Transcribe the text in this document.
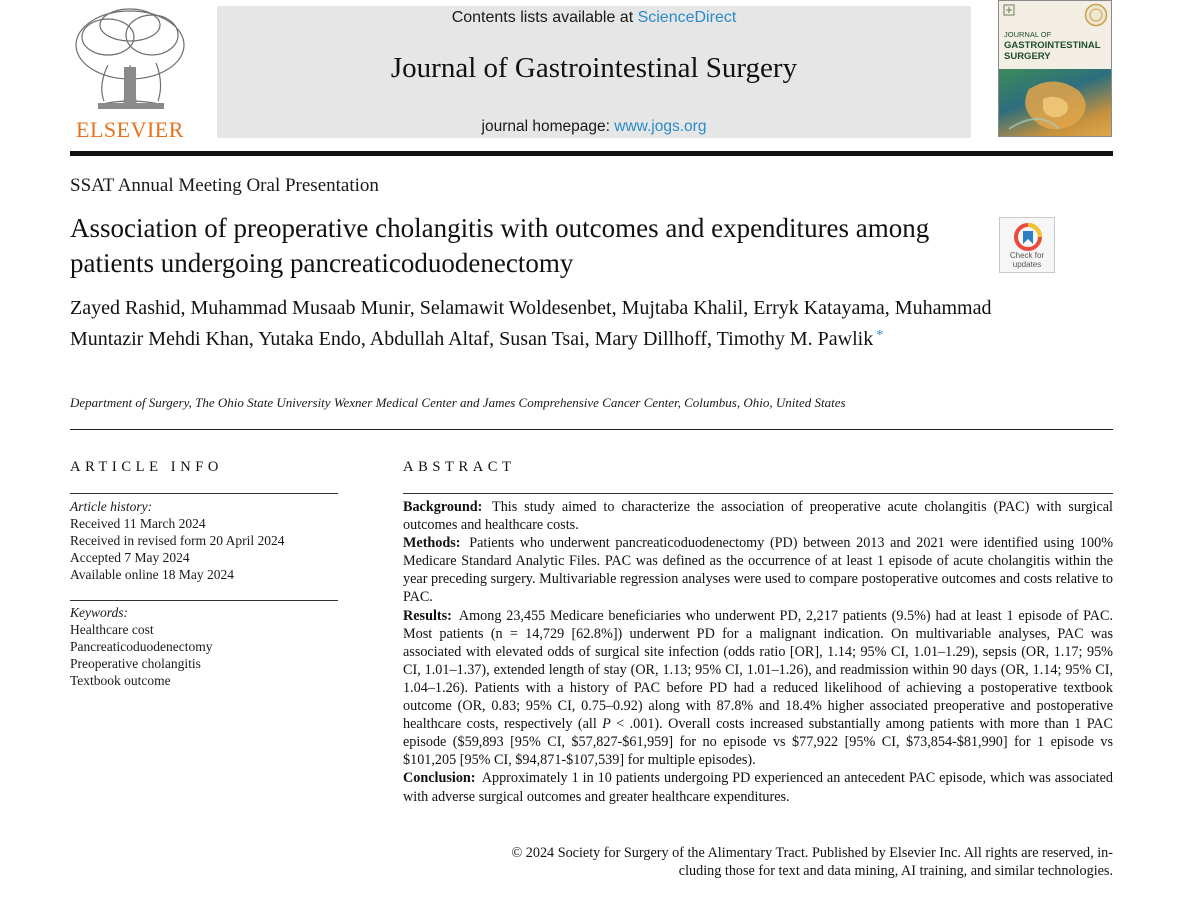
ELSEVIER
Contents lists available at ScienceDirect
Journal of Gastrointestinal Surgery
journal homepage: www.jogs.org
JOURNAL OF
GASTROINTESTINAL
SURGERY
SSAT Annual Meeting Oral Presentation
Association of preoperative cholangitis with outcomes and expenditures among patients undergoing pancreaticoduodenectomy	Check for updates
Zayed Rashid, Muhammad Musaab Munir, Selamawit Woldesenbet, Mujtaba Khalil, Erryk Katayama, Muhammad Muntazir Mehdi Khan, Yutaka Endo, Abdullah Altaf, Susan Tsai, Mary Dillhoff, Timothy M. Pawlik *
Department of Surgery, The Ohio State University Wexner Medical Center and James Comprehensive Cancer Center, Columbus, Ohio, United States
ARTICLE INFO
Article history:
Received 11 March 2024
Received in revised form 20 April 2024
Accepted 7 May 2024
Available online 18 May 2024
Keywords:
Healthcare cost
Pancreaticoduodenectomy
Preoperative cholangitis
Textbook outcome
ABSTRACT

Background: This study aimed to characterize the association of preoperative acute cholangitis (PAC) with surgical outcomes and healthcare costs.

Methods: Patients who underwent pancreaticoduodenectomy (PD) between 2013 and 2021 were identified using 100% Medicare Standard Analytic Files. PAC was defined as the occurrence of at least 1 episode of acute cholangitis within the year preceding surgery. Multivariable regression analyses were used to compare postoperative outcomes and costs relative to PAC.

Results: Among 23,455 Medicare beneficiaries who underwent PD, 2,217 patients (9.5%) had at least 1 episode of PAC. Most patients (n = 14,729 [62.8%]) underwent PD for a malignant indication. On multivariable analyses, PAC was associated with elevated odds of surgical site infection (odds ratio [OR], 1.14; 95% CI, 1.01–1.29), sepsis (OR, 1.17; 95% CI, 1.01–1.37), extended length of stay (OR, 1.13; 95% CI, 1.01–1.26), and readmission within 90 days (OR, 1.14; 95% CI, 1.04–1.26). Patients with a history of PAC before PD had a reduced likelihood of achieving a postoperative textbook outcome (OR, 0.83; 95% CI, 0.75–0.92) along with 87.8% and 18.4% higher associated preoperative and postoperative healthcare costs, respectively (all P < .001). Overall costs increased substantially among patients with more than 1 PAC episode ($59,893 [95% CI, $57,827-$61,959] for no episode vs $77,922 [95% CI, $73,854-$81,990] for 1 episode vs $101,205 [95% CI, $94,871-$107,539] for multiple episodes).

Conclusion: Approximately 1 in 10 patients undergoing PD experienced an antecedent PAC episode, which was associated with adverse surgical outcomes and greater healthcare expenditures.

© 2024 Society for Surgery of the Alimentary Tract. Published by Elsevier Inc. All rights are reserved, in-
cluding those for text and data mining, AI training, and similar technologies.
